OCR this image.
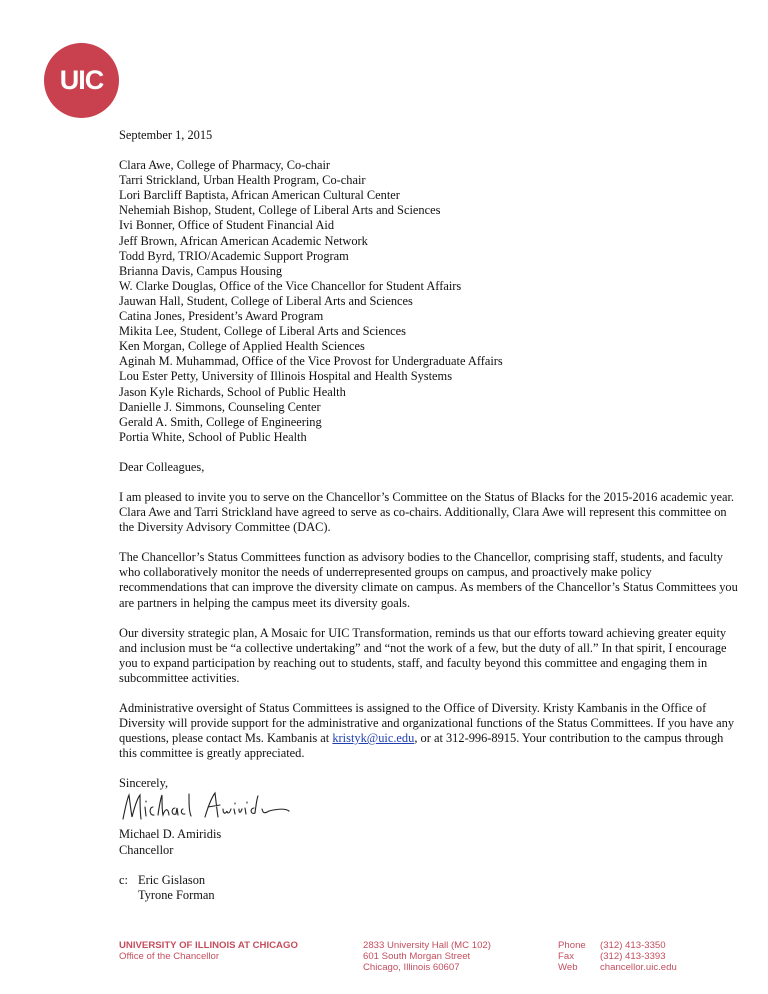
UIC

September 1, 2015

Clara Awe, College of Pharmacy, Co-chair
Tarri Strickland, Urban Health Program, Co-chair
Lori Barcliff Baptista, African American Cultural Center
Nehemiah Bishop, Student, College of Liberal Arts and Sciences
Ivi Bonner, Office of Student Financial Aid
Jeff Brown, African American Academic Network
Todd Byrd, TRIO/Academic Support Program
Brianna Davis, Campus Housing
W. Clarke Douglas, Office of the Vice Chancellor for Student Affairs
Jauwan Hall, Student, College of Liberal Arts and Sciences
Catina Jones, President’s Award Program
Mikita Lee, Student, College of Liberal Arts and Sciences
Ken Morgan, College of Applied Health Sciences
Aginah M. Muhammad, Office of the Vice Provost for Undergraduate Affairs
Lou Ester Petty, University of Illinois Hospital and Health Systems
Jason Kyle Richards, School of Public Health
Danielle J. Simmons, Counseling Center
Gerald A. Smith, College of Engineering
Portia White, School of Public Health

Dear Colleagues,

I am pleased to invite you to serve on the Chancellor’s Committee on the Status of Blacks for the 2015-2016 academic year. Clara Awe and Tarri Strickland have agreed to serve as co-chairs. Additionally, Clara Awe will represent this committee on the Diversity Advisory Committee (DAC).

The Chancellor’s Status Committees function as advisory bodies to the Chancellor, comprising staff, students, and faculty who collaboratively monitor the needs of underrepresented groups on campus, and proactively make policy recommendations that can improve the diversity climate on campus. As members of the Chancellor’s Status Committees you are partners in helping the campus meet its diversity goals.

Our diversity strategic plan, A Mosaic for UIC Transformation, reminds us that our efforts toward achieving greater equity and inclusion must be “a collective undertaking” and “not the work of a few, but the duty of all.” In that spirit, I encourage you to expand participation by reaching out to students, staff, and faculty beyond this committee and engaging them in subcommittee activities.

Administrative oversight of Status Committees is assigned to the Office of Diversity. Kristy Kambanis in the Office of Diversity will provide support for the administrative and organizational functions of the Status Committees. If you have any questions, please contact Ms. Kambanis at kristyk@uic.edu, or at 312-996-8915. Your contribution to the campus through this committee is greatly appreciated.

Sincerely,

Michael D. Amiridis

Chancellor

c: Eric Gislason
Tyrone Forman
UNIVERSITY OF ILLINOIS AT CHICAGO
Office of the Chancellor
2833 University Hall (MC 102)
601 South Morgan Street
Chicago, Illinois 60607
Phone
Fax
Web
(312) 413-3350
(312) 413-3393
chancellor.uic.edu
